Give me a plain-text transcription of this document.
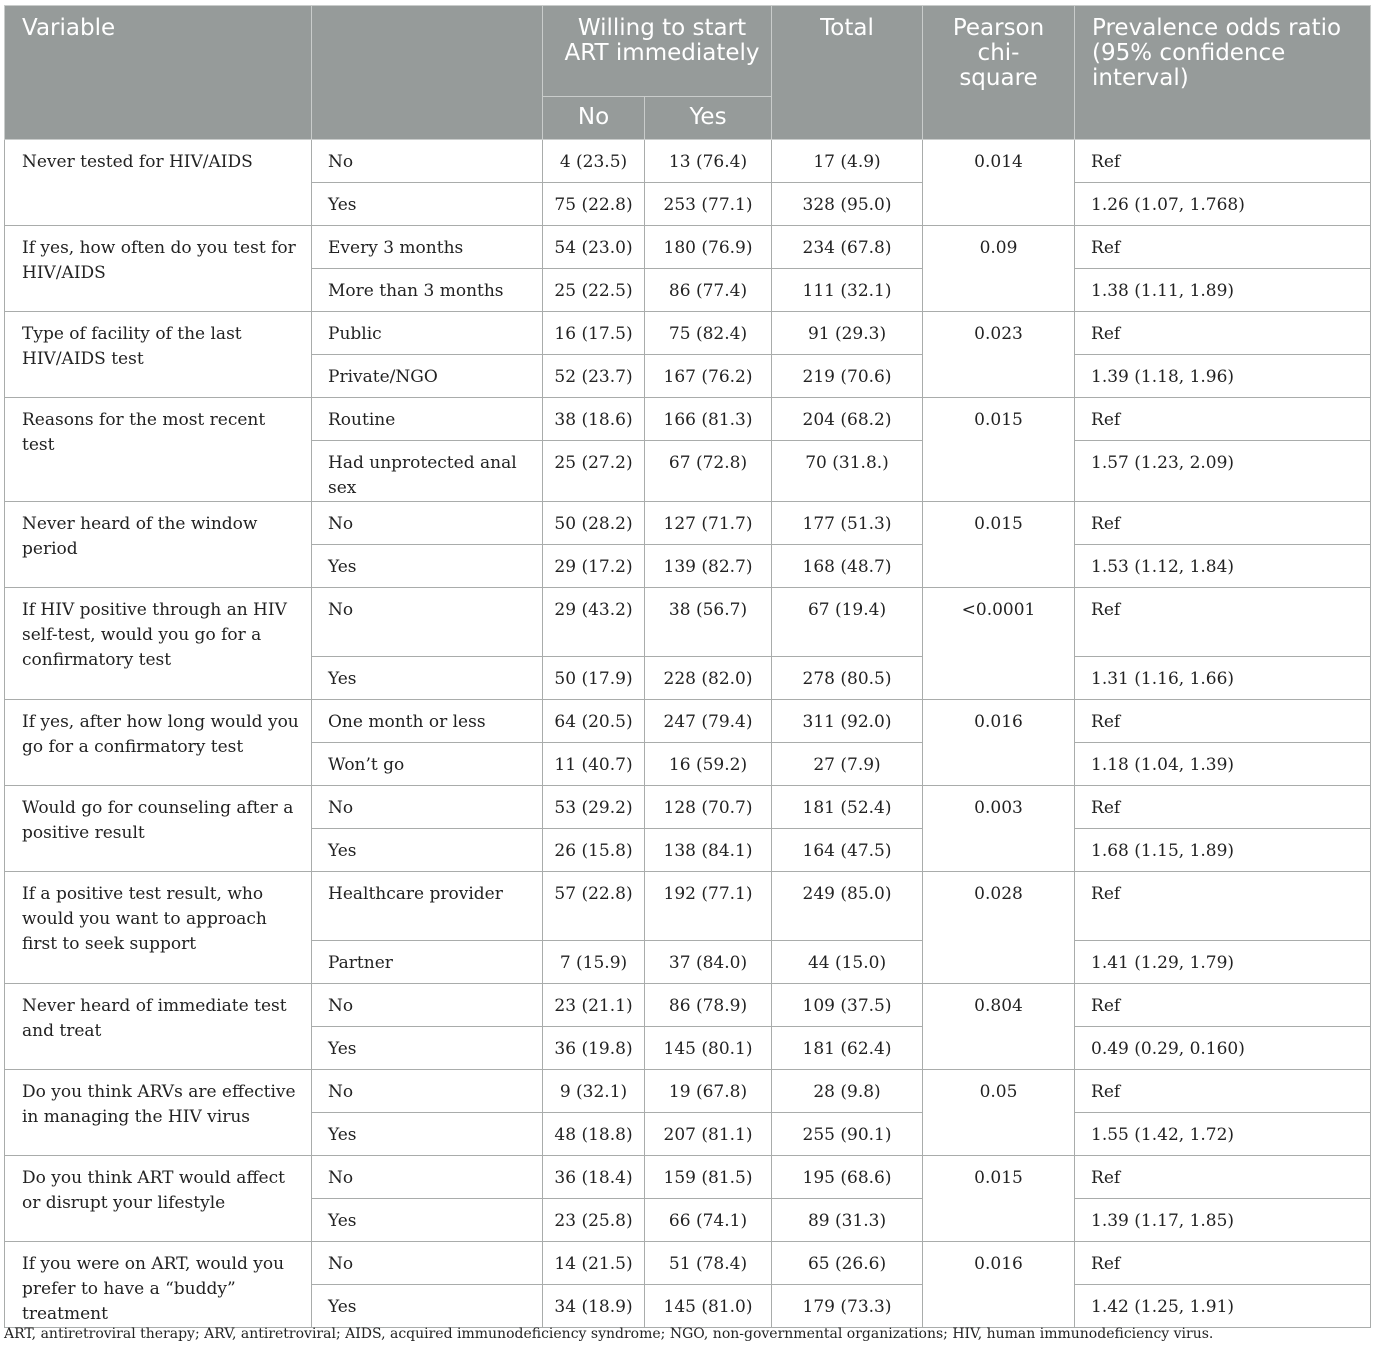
Variable		Willing to start ART immediately		Total	Pearson chi-square	Prevalence odds ratio (95% confidence interval)

		No	Yes			

Never tested for HIV/AIDS	No	4 (23.5)	13 (76.4)	17 (4.9)	0.014	Ref
	Yes	75 (22.8)	253 (77.1)	328 (95.0)		1.26 (1.07, 1.768)
If yes, how often do you test for HIV/AIDS	Every 3 months	54 (23.0)	180 (76.9)	234 (67.8)	0.09	Ref
	More than 3 months	25 (22.5)	86 (77.4)	111 (32.1)		1.38 (1.11, 1.89)
Type of facility of the last HIV/AIDS test	Public	16 (17.5)	75 (82.4)	91 (29.3)	0.023	Ref
	Private/NGO	52 (23.7)	167 (76.2)	219 (70.6)		1.39 (1.18, 1.96)
Reasons for the most recent test	Routine	38 (18.6)	166 (81.3)	204 (68.2)	0.015	Ref
	Had unprotected anal sex	25 (27.2)	67 (72.8)	70 (31.8.)		1.57 (1.23, 2.09)
Never heard of the window period	No	50 (28.2)	127 (71.7)	177 (51.3)	0.015	Ref
	Yes	29 (17.2)	139 (82.7)	168 (48.7)		1.53 (1.12, 1.84)
If HIV positive through an HIV self-test, would you go for a confirmatory test	No	29 (43.2)	38 (56.7)	67 (19.4)	<0.0001	Ref
	Yes	50 (17.9)	228 (82.0)	278 (80.5)		1.31 (1.16, 1.66)
If yes, after how long would you go for a confirmatory test	One month or less	64 (20.5)	247 (79.4)	311 (92.0)	0.016	Ref
	Won’t go	11 (40.7)	16 (59.2)	27 (7.9)		1.18 (1.04, 1.39)
Would go for counseling after a positive result	No	53 (29.2)	128 (70.7)	181 (52.4)	0.003	Ref
	Yes	26 (15.8)	138 (84.1)	164 (47.5)		1.68 (1.15, 1.89)
If a positive test result, who would you want to approach first to seek support	Healthcare provider	57 (22.8)	192 (77.1)	249 (85.0)	0.028	Ref
	Partner	7 (15.9)	37 (84.0)	44 (15.0)		1.41 (1.29, 1.79)
Never heard of immediate test and treat	No	23 (21.1)	86 (78.9)	109 (37.5)	0.804	Ref
	Yes	36 (19.8)	145 (80.1)	181 (62.4)		0.49 (0.29, 0.160)
Do you think ARVs are effective in managing the HIV virus	No	9 (32.1)	19 (67.8)	28 (9.8)	0.05	Ref
	Yes	48 (18.8)	207 (81.1)	255 (90.1)		1.55 (1.42, 1.72)
Do you think ART would affect or disrupt your lifestyle	No	36 (18.4)	159 (81.5)	195 (68.6)	0.015	Ref
	Yes	23 (25.8)	66 (74.1)	89 (31.3)		1.39 (1.17, 1.85)
If you were on ART, would you prefer to have a “buddy” treatment	No	14 (21.5)	51 (78.4)	65 (26.6)	0.016	Ref
	Yes	34 (18.9)	145 (81.0)	179 (73.3)		1.42 (1.25, 1.91)
ART, antiretroviral therapy; ARV, antiretroviral; AIDS, acquired immunodeficiency syndrome; NGO, non-governmental organizations; HIV, human immunodeficiency virus.
